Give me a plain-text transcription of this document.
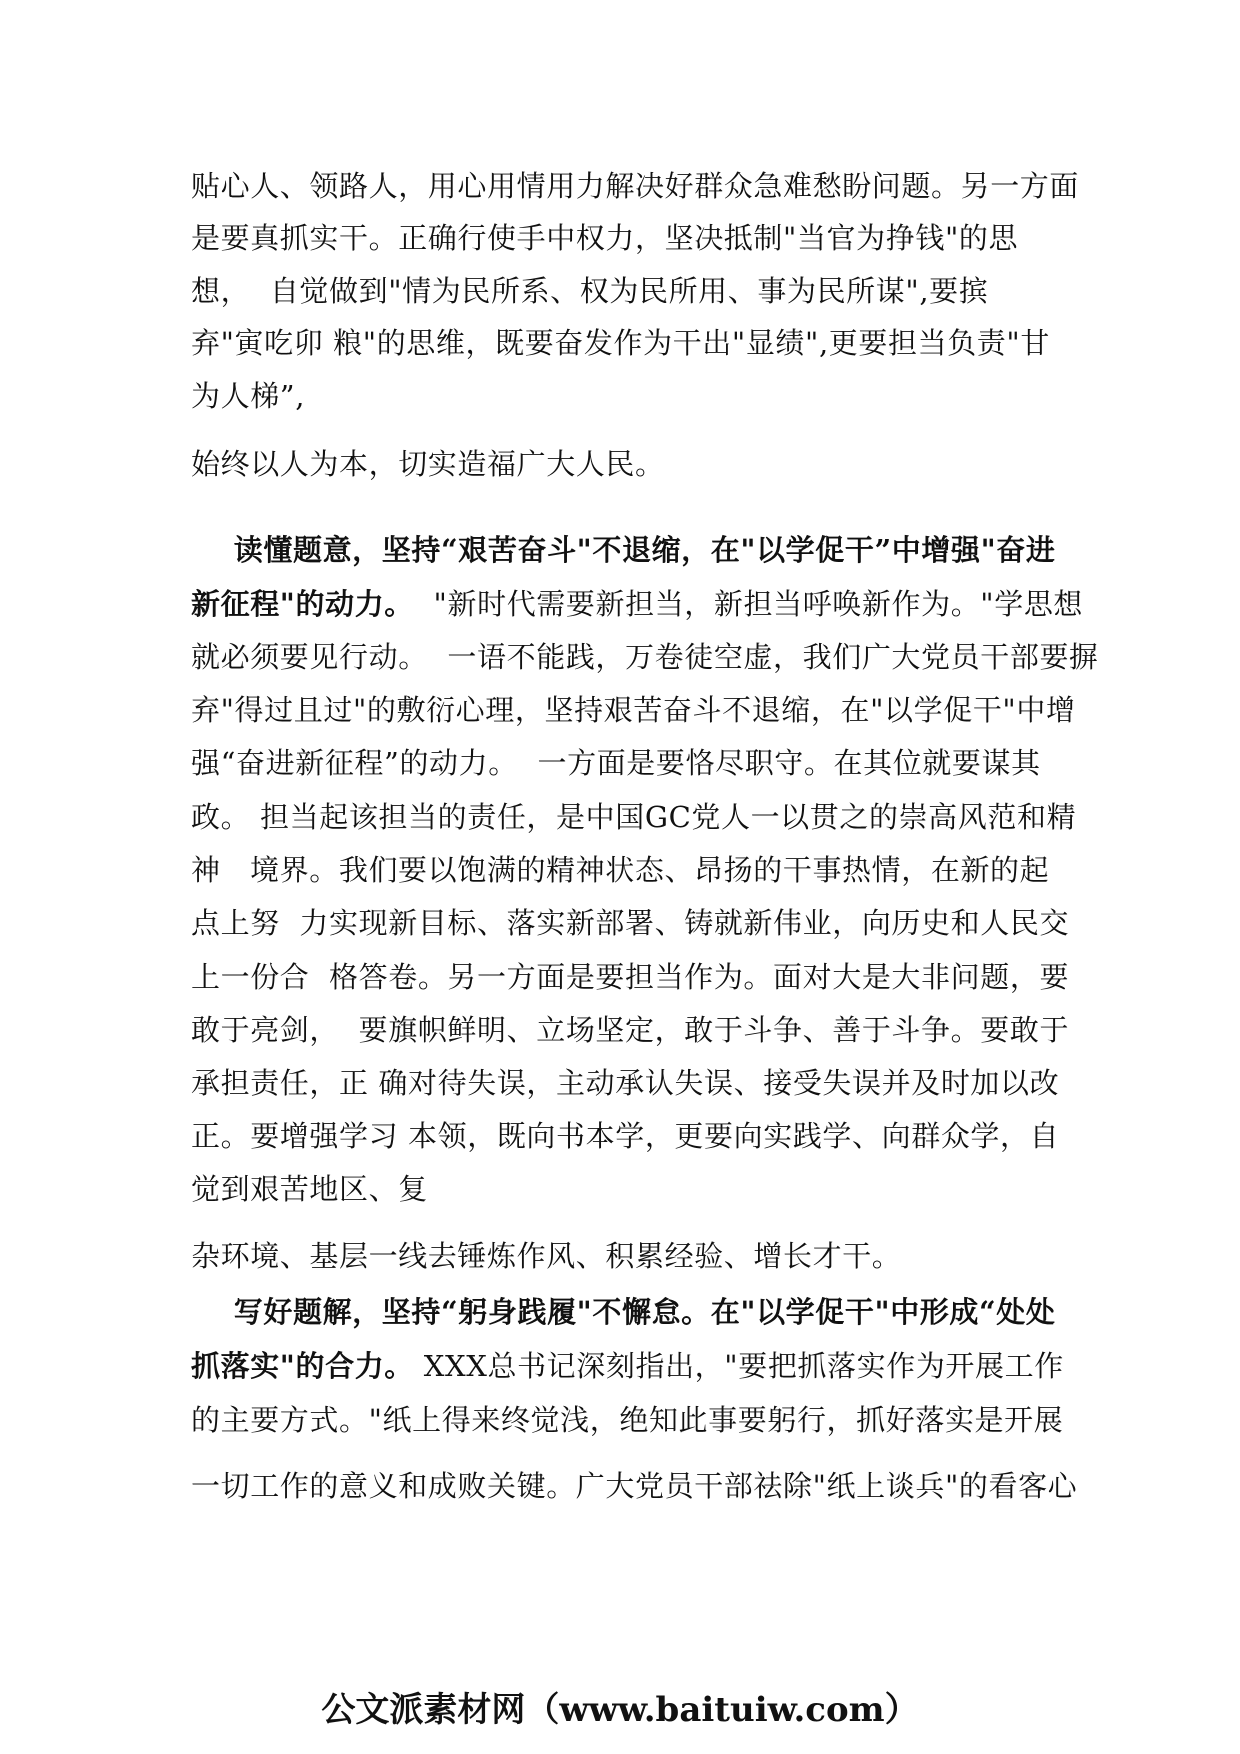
贴心人、领路人，用心用情用力解决好群众急难愁盼问题。另一方面
是要真抓实干。正确行使手中权力，坚决抵制"当官为挣钱"的思
想，  自觉做到"情为民所系、权为民所用、事为民所谋",要摈
弃"寅吃卯 粮"的思维，既要奋发作为干出"显绩",更要担当负责"甘
为人梯”,
始终以人为本，切实造福广大人民。
读懂题意，坚持“艰苦奋斗"不退缩，在"以学促干”中增强"奋进
新征程"的动力。  "新时代需要新担当，新担当呼唤新作为。"学思想
就必须要见行动。  一语不能践，万卷徒空虚，我们广大党员干部要摒
弃"得过且过"的敷衍心理，坚持艰苦奋斗不退缩，在"以学促干"中增
强“奋进新征程”的动力。  一方面是要恪尽职守。在其位就要谋其
政。 担当起该担当的责任，是中国GC党人一以贯之的崇高风范和精
神   境界。我们要以饱满的精神状态、昂扬的干事热情，在新的起
点上努  力实现新目标、落实新部署、铸就新伟业，向历史和人民交
上一份合  格答卷。另一方面是要担当作为。面对大是大非问题，要
敢于亮剑，  要旗帜鲜明、立场坚定，敢于斗争、善于斗争。要敢于
承担责任，正 确对待失误，主动承认失误、接受失误并及时加以改
正。要增强学习 本领，既向书本学，更要向实践学、向群众学，自
觉到艰苦地区、复
杂环境、基层一线去锤炼作风、积累经验、增长才干。
写好题解，坚持“躬身践履"不懈怠。在"以学促干"中形成“处处
抓落实"的合力。 XXX总书记深刻指出，"要把抓落实作为开展工作
的主要方式。"纸上得来终觉浅，绝知此事要躬行，抓好落实是开展
一切工作的意义和成败关键。广大党员干部祛除"纸上谈兵"的看客心
公文派素材网（www.baituiw.com）
